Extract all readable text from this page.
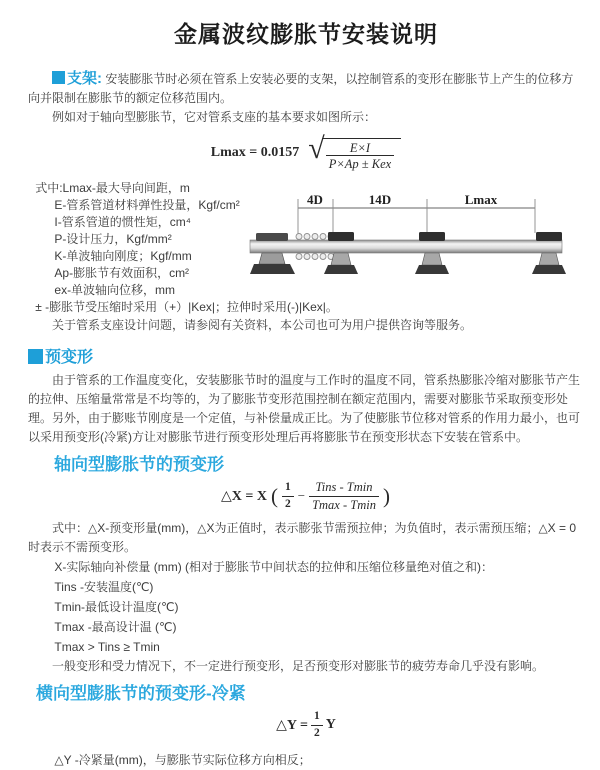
金属波纹膨胀节安装说明

支架: 安装膨胀节时必须在管系上安装必要的支架，以控制管系的变形在膨胀节上产生的位移方向并限制在膨胀节的额定位移范围内。

例如对于轴向型膨胀节，它对管系支座的基本要求如图所示：

Lmax = 0.0157 √ $\frac{E\times I}{\text{P×Ap ± Kex}}$
式中:Lmax-最大导向间距，m
E-管系管道材料弹性投量，Kgf/cm²
I-管系管道的惯性矩，cm⁴
P-设计压力，Kgf/mm²
K-单波轴向刚度；Kgf/mm
Ap-膨胀节有效面积，cm²
ex-单波轴向位移，mm
± -膨胀节受压缩时采用（+）|Kex|；拉伸时采用(-)|Kex|。

关于管系支座设计问题，请参阅有关资料，本公司也可为用户提供咨询等服务。

预变形

由于管系的工作温度变化，安装膨胀节时的温度与工作时的温度不同，管系热膨胀冷缩对膨胀节产生的拉伸、压缩量常常是不均等的，为了膨胀节变形范围控制在额定范围内，需要对膨胀节采取预变形处理。另外，由于膨账节刚度是一个定值，与补偿量成正比。为了使膨胀节位移对管系的作用力最小，也可以采用预变形(冷紧)方让对膨胀节进行预变形处理后再将膨胀节在预变形状态下安装在管系中。

轴向型膨胀节的预变形
△X = X ( $\frac{1}{2} - \frac{\text{Tins - Tmin}}{Tmax - Tmin}$ )

式中：△X-预变形量(mm)，△X为正值时，表示膨张节需预拉伸；为负值时，表示需预压缩；△X = 0时表示不需预变形。

X-实际轴向补偿量 (mm) (相对于膨胀节中间状态的拉伸和压缩位移量绝对值之和)：
Tins -安装温度(℃)
Tmin-最低设计温度(℃)
Tmax -最高设计温 (℃)
Tmax > Tins ≥ Tmin

一般变形和受力情况下，不一定进行预变形，足否预变形对膨胀节的疲劳寿命几乎没有影响。

横向型膨胀节的预变形-冷紧
△Y = $\frac{1}{2}$ Y
△Y -冷紧量(mm)，与膨胀节实际位移方向相反；
4D	14D	Lmax
